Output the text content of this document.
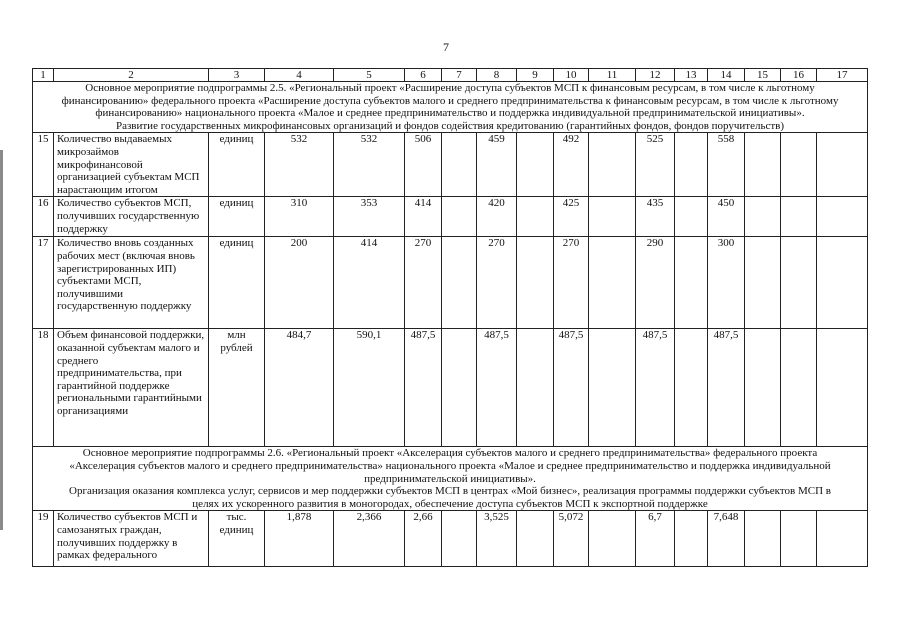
7
1	2	3	4	5	6	7	8	9	10	11	12	13	14	15	16	17

Основное мероприятие подпрограммы 2.5. «Региональный проект «Расширение доступа субъектов МСП к финансовым ресурсам, в том числе к льготному
финансированию» федерального проекта «Расширение доступа субъектов малого и среднего предпринимательства к финансовым ресурсам, в том числе к льготному
финансированию» национального проекта «Малое и среднее предпринимательство и поддержка индивидуальной предпринимательской инициативы».
Развитие государственных микрофинансовых организаций и фондов содействия кредитованию (гарантийных фондов, фондов поручительств)																

15	Количество выдаваемых микрозаймов микрофинансовой организацией субъектам МСП нарастающим итогом	единиц	532	532	506		459		492		525		558			
16	Количество субъектов МСП, получивших государственную поддержку	единиц	310	353	414		420		425		435		450			
17	Количество вновь созданных рабочих мест (включая вновь зарегистрированных ИП) субъектами МСП, получившими государственную поддержку	единиц	200	414	270		270		270		290		300			
18	Объем финансовой поддержки, оказанной субъектам малого и среднего предпринимательства, при гарантийной поддержке региональными гарантийными организациями	млн рублей	484,7	590,1	487,5		487,5		487,5		487,5		487,5			

Основное мероприятие подпрограммы 2.6. «Региональный проект «Акселерация субъектов малого и среднего предпринимательства» федерального проекта
«Акселерация субъектов малого и среднего предпринимательства» национального проекта «Малое и среднее предпринимательство и поддержка индивидуальной
предпринимательской инициативы».
Организация оказания комплекса услуг, сервисов и мер поддержки субъектов МСП в центрах «Мой бизнес», реализация программы поддержки субъектов МСП в
целях их ускоренного развития в моногородах, обеспечение доступа субъектов МСП к экспортной поддержке																

19	Количество субъектов МСП и самозанятых граждан, получивших поддержку в рамках федерального	тыс. единиц	1,878	2,366	2,66		3,525		5,072		6,7		7,648			
